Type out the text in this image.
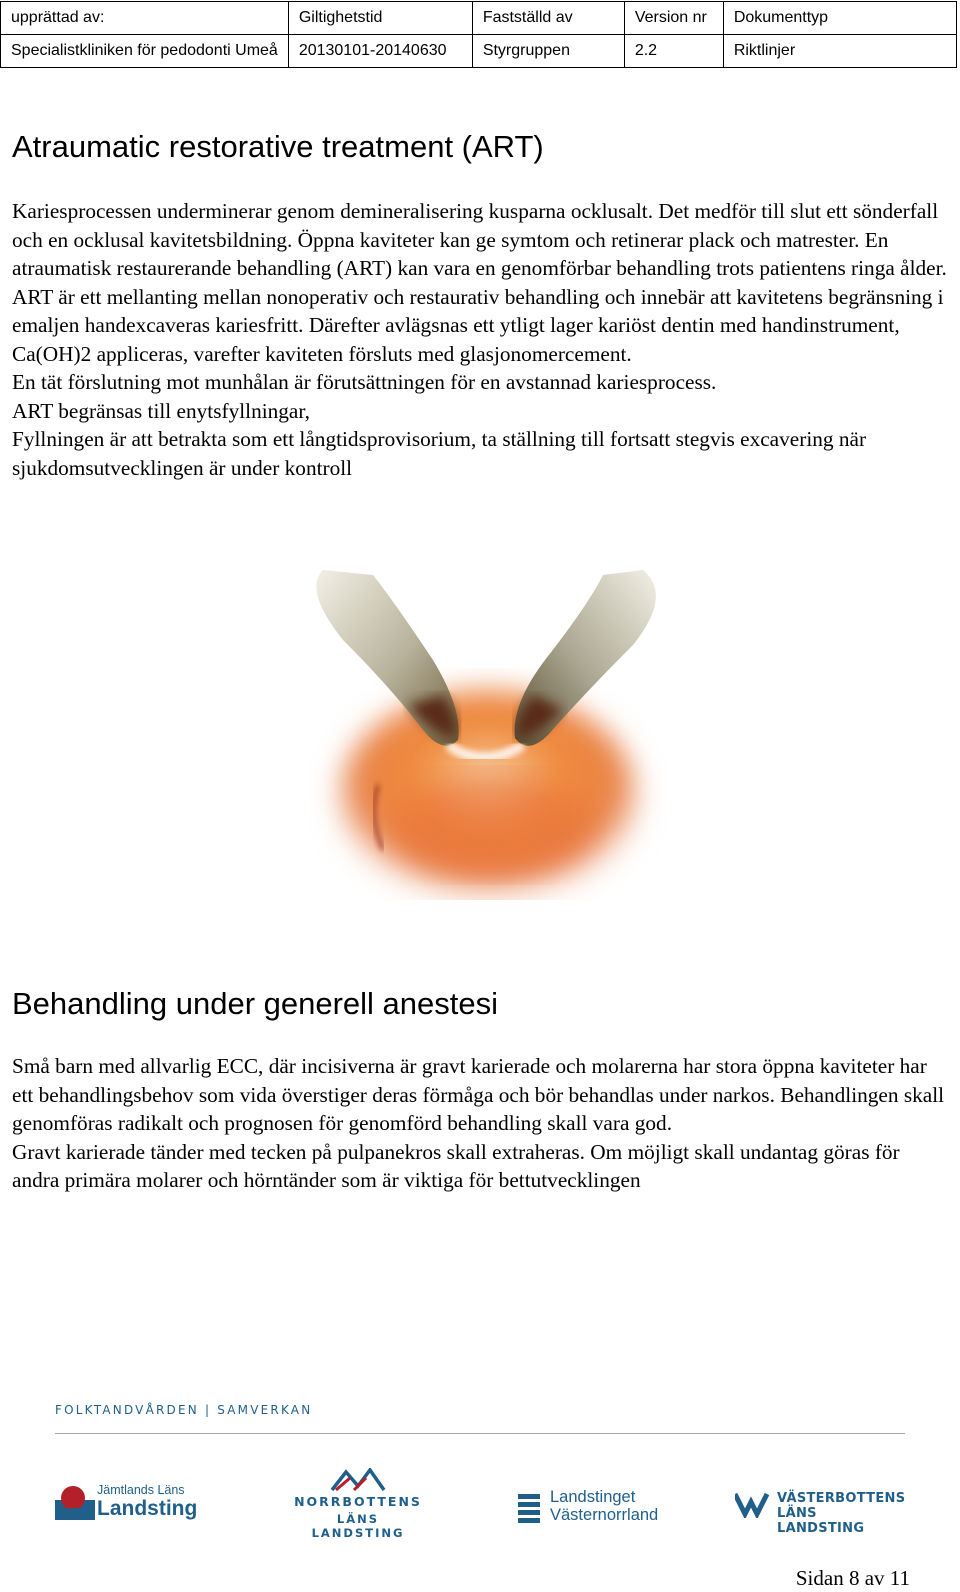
upprättad av:	Giltighetstid	Fastställd av	Version nr	Dokumenttyp
Specialistkliniken för pedodonti Umeå	20130101-20140630	Styrgruppen	2.2	Riktlinjer
Atraumatic restorative treatment (ART)

Kariesprocessen underminerar genom demineralisering kusparna ocklusalt. Det medför till slut ett sönderfall och en ocklusal kavitetsbildning. Öppna kaviteter kan ge symtom och retinerar plack och matrester. En atraumatisk restaurerande behandling (ART) kan vara en genomförbar behandling trots patientens ringa ålder.

ART är ett mellanting mellan nonoperativ och restaurativ behandling och innebär att kavitetens begränsning i emaljen handexcaveras kariesfritt. Därefter avlägsnas ett ytligt lager kariöst dentin med handinstrument, Ca(OH)2 appliceras, varefter kaviteten försluts med glasjonomercement.

En tät förslutning mot munhålan är förutsättningen för en avstannad kariesprocess.

ART begränsas till enytsfyllningar,

Fyllningen är att betrakta som ett långtidsprovisorium, ta ställning till fortsatt stegvis excavering när sjukdomsutvecklingen är under kontroll

Behandling under generell anestesi

Små barn med allvarlig ECC, där incisiverna är gravt karierade och molarerna har stora öppna kaviteter har ett behandlingsbehov som vida överstiger deras förmåga och bör behandlas under narkos. Behandlingen skall genomföras radikalt och prognosen för genomförd behandling skall vara god.

Gravt karierade tänder med tecken på pulpanekros skall extraheras. Om möjligt skall undantag göras för andra primära molarer och hörntänder som är viktiga för bettutvecklingen

FOLKTANDVÅRDEN | SAMVERKAN
Jämtlands Läns
Landsting	NORRBOTTENS
LÄNS LANDSTING
Landstinget
Västernorrland
VÄSTERBOTTENS
LÄNS LANDSTING
Sidan 8 av 11
